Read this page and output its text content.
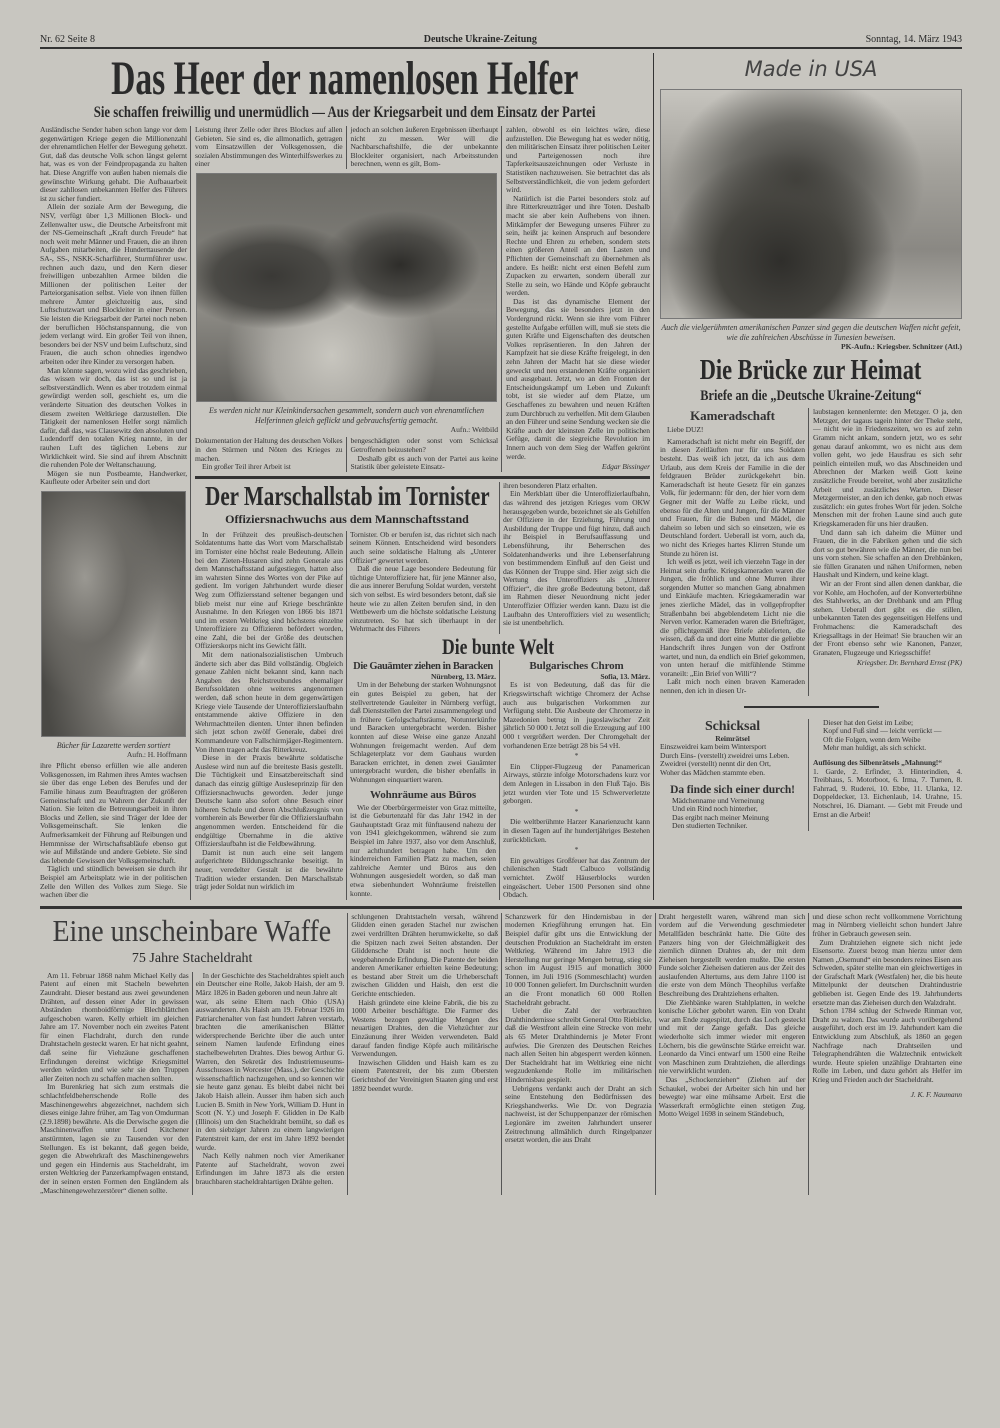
Nr. 62 Seite 8	Deutsche Ukraine-Zeitung	Sonntag, 14. März 1943
Das Heer der namenlosen Helfer
Sie schaffen freiwillig und unermüdlich — Aus der Kriegsarbeit und dem Einsatz der Partei

Ausländische Sender haben schon lange vor dem gegenwärtigen Kriege gegen die Millionenzahl der ehrenamtlichen Helfer der Bewegung gehetzt. Gut, daß das deutsche Volk schon längst gelernt hat, was es von der Feindpropaganda zu halten hat. Diese Angriffe von außen haben niemals die gewünschte Wirkung gehabt. Die Aufbauarbeit dieser zahllosen unbekannten Helfer des Führers ist zu sicher fundiert.

Allein der soziale Arm der Bewegung, die NSV, verfügt über 1,3 Millionen Block- und Zellenwalter usw., die Deutsche Arbeitsfront mit der NS-Gemeinschaft „Kraft durch Freude“ hat noch weit mehr Männer und Frauen, die an ihren Aufgaben mitarbeiten, die Hunderttausende der SA-, SS-, NSKK-Scharführer, Sturmführer usw. rechnen auch dazu, und den Kern dieser freiwilligen unbezahlten Armee bilden die Millionen der politischen Leiter der Parteiorganisation selbst. Viele von ihnen füllen mehrere Ämter gleichzeitig aus, sind Luftschutzwart und Blockleiter in einer Person. Sie leisten die Kriegsarbeit der Partei noch neben der beruflichen Höchstanspannung, die von jedem verlangt wird. Ein großer Teil von ihnen, besonders bei der NSV und beim Luftschutz, sind Frauen, die auch schon ohnedies irgendwo arbeiten oder ihre Kinder zu versorgen haben.

Man könnte sagen, wozu wird das geschrieben, das wissen wir doch, das ist so und ist ja selbstverständlich. Wenn es aber trotzdem einmal gewürdigt werden soll, geschieht es, um die veränderte Situation des deutschen Volkes in diesem zweiten Weltkriege darzustellen. Die Tätigkeit der namenlosen Helfer sorgt nämlich dafür, daß das, was Clausewitz den absoluten und Ludendorff den totalen Krieg nannte, in der rauhen Luft des täglichen Lebens zur Wirklichkeit wird. Sie sind auf ihrem Abschnitt die ruhenden Pole der Weltanschauung.

Mögen sie nun Postbeamte, Handwerker, Kaufleute oder Arbeiter sein und dort

Bücher für Lazarette werden sortiert
Aufn.: H. Hoffmann

ihre Pflicht ebenso erfüllen wie alle anderen Volksgenossen, im Rahmen ihres Amtes wachsen sie über das enge Leben des Berufes und der Familie hinaus zum Beauftragten der größeren Gemeinschaft und zu Wahrern der Zukunft der Nation. Sie leiten die Betreuungsarbeit in ihren Blocks und Zellen, sie sind Träger der Idee der Volksgemeinschaft. Sie lenken die Aufmerksamkeit der Führung auf Reibungen und Hemmnisse der Wirtschaftsabläufe ebenso gut wie auf Mißstände und andere Gebiete. Sie sind das lebende Gewissen der Volksgemeinschaft.

Täglich und stündlich beweisen sie durch ihr Beispiel am Arbeitsplatz wie in der politischen Zelle den Willen des Volkes zum Siege. Sie wachen über die

Leistung ihrer Zelle oder ihres Blockes auf allen Gebieten. Sie sind es, die allmonatlich, getragen vom Einsatzwillen der Volksgenossen, die sozialen Abstimmungen des Winterhilfswerkes zu einer

jedoch an solchen äußeren Ergebnissen überhaupt nicht zu messen. Wer will die Nachbarschaftshilfe, die der unbekannte Blockleiter organisiert, nach Arbeitsstunden berechnen, wenn es gilt, Bom-

Es werden nicht nur Kleinkindersachen gesammelt, sondern auch von ehrenamtlichen Helferinnen gleich geflickt und gebrauchsfertig gemacht.
Aufn.: Weltbild

Dokumentation der Haltung des deutschen Volkes in den Stürmen und Nöten des Krieges zu machen.

Ein großer Teil ihrer Arbeit ist

bengeschädigten oder sonst vom Schicksal Getroffenen beizustehen?

Deshalb gibt es auch von der Partei aus keine Statistik über geleistete Einsatz-

zahlen, obwohl es ein leichtes wäre, diese aufzustellen. Die Bewegung hat es weder nötig, den militärischen Einsatz ihrer politischen Leiter und Parteigenossen noch ihre Tapferkeitsauszeichnungen oder Verluste in Statistiken nachzuweisen. Sie betrachtet das als Selbstverständlichkeit, die von jedem gefordert wird.

Natürlich ist die Partei besonders stolz auf ihre Ritterkreuzträger und ihre Toten. Deshalb macht sie aber kein Aufhebens von ihnen. Mitkämpfer der Bewegung unseres Führer zu sein, heißt ja: keinen Anspruch auf besondere Rechte und Ehren zu erheben, sondern stets einen größeren Anteil an den Lasten und Pflichten der Gemeinschaft zu übernehmen als andere. Es heißt: nicht erst einen Befehl zum Zupacken zu erwarten, sondern überall zur Stelle zu sein, wo Hände und Köpfe gebraucht werden.

Das ist das dynamische Element der Bewegung, das sie besonders jetzt in den Vordergrund rückt. Wenn sie ihre vom Führer gestellte Aufgabe erfüllen will, muß sie stets die guten Kräfte und Eigenschaften des deutschen Volkes repräsentieren. In den Jahren der Kampfzeit hat sie diese Kräfte freigelegt, in den zehn Jahren der Macht hat sie diese wieder geweckt und neu erstandenen Kräfte organisiert und ausgebaut. Jetzt, wo an den Fronten der Entscheidungskampf um Leben und Zukunft tobt, ist sie wieder auf dem Platze, um Geschaffenes zu bewahren und neuen Kräften zum Durchbruch zu verhelfen. Mit dem Glauben an den Führer und seine Sendung wecken sie die Kräfte auch der kleinsten Zelle im politischen Gefüge, damit die siegreiche Revolution im Innern auch von dem Sieg der Waffen gekrönt werde.

Edgar Bissinger
Der Marschallstab im Tornister
Offiziersnachwuchs aus dem Mannschaftsstand

In der Frühzeit des preußisch-deutschen Soldatentums hatte das Wort vom Marschallstab im Tornister eine höchst reale Bedeutung. Allein bei den Zieten-Husaren sind zehn Generale aus dem Mannschaftsstand aufgestiegen, hatten also im wahrsten Sinne des Wortes von der Pike auf gedient. Im vorigen Jahrhundert wurde dieser Weg zum Offiziersstand seltener begangen und blieb meist nur eine auf Kriege beschränkte Ausnahme. In den Kriegen von 1866 bis 1871 und im ersten Weltkrieg sind höchstens einzelne Unteroffiziere zu Offizieren befördert worden, eine Zahl, die bei der Größe des deutschen Offizierskorps nicht ins Gewicht fällt.

Mit dem nationalsozialistischen Umbruch änderte sich aber das Bild vollständig. Obgleich genaue Zahlen nicht bekannt sind, kann nach Angaben des Reichstreubundes ehemaliger Berufssoldaten ohne weiteres angenommen werden, daß schon heute in dem gegenwärtigen Kriege viele Tausende der Unteroffizierslaufbahn entstammende aktive Offiziere in den Wehrmachtteilen dienten. Unter ihnen befinden sich jetzt schon zwölf Generale, dabei drei Kommandeure von Fallschirmjäger-Regimentern. Von ihnen tragen acht das Ritterkreuz.

Diese in der Praxis bewährte soldatische Auslese wird nun auf die breiteste Basis gestellt. Die Tüchtigkeit und Einsatzbereitschaft sind danach das einzig gültige Ausleseprinzip für den Offiziersnachwuchs geworden. Jeder junge Deutsche kann also sofort ohne Besuch einer höheren Schule und deren Abschlußzeugnis von vornherein als Bewerber für die Offizierslaufbahn angenommen werden. Entscheidend für die endgültige Übernahme in die aktive Offizierslaufbahn ist die Feldbewährung.

Damit ist nun auch eine seit langem aufgerichtete Bildungsschranke beseitigt. In neuer, veredelter Gestalt ist die bewährte Tradition wieder erstanden. Den Marschallstab trägt jeder Soldat nun wirklich im

Tornister. Ob er berufen ist, das richtet sich nach seinem Können. Entscheidend wird besonders auch seine soldatische Haltung als „Unterer Offizier“ gewertet werden.

Daß die neue Lage besondere Bedeutung für tüchtige Unteroffiziere hat, für jene Männer also, die aus innerer Berufung Soldat wurden, versteht sich von selbst. Es wird besonders betont, daß sie heute wie zu allen Zeiten berufen sind, in den Wettbewerb um die höchste soldatische Leistung einzutreten. So hat sich überhaupt in der Wehrmacht des Führers

ihren besonderen Platz erhalten.

Ein Merkblatt über die Unteroffizierlaufbahn, das während des jetzigen Krieges vom OKW herausgegeben wurde, bezeichnet sie als Gehilfen der Offiziere in der Erziehung, Führung und Ausbildung der Truppe und fügt hinzu, daß auch ihr Beispiel in Berufsauffassung und Lebensführung, ihr Beherrschen des Soldatenhandwerks und ihre Lebenserfahrung von bestimmendem Einfluß auf den Geist und das Können der Truppe sind. Hier zeigt sich die Wertung des Unteroffiziers als „Unterer Offizier“, die ihre große Bedeutung betont, daß im Rahmen dieser Neuordnung nicht jeder Unteroffizier Offizier werden kann. Dazu ist die Laufbahn des Unteroffiziers viel zu wesentlich; sie ist unentbehrlich.

Die bunte Welt
Die Gauämter ziehen in Baracken
Nürnberg, 13. März.

Um in der Behebung der starken Wohnungsnot ein gutes Beispiel zu geben, hat der stellvertretende Gauleiter in Nürnberg verfügt, daß Dienststellen der Partei zusammengelegt und in frühere Gefolgschaftsräume, Notunterkünfte und Baracken untergebracht werden. Bisher konnten auf diese Weise eine ganze Anzahl Wohnungen freigemacht werden. Auf dem Schlageterplatz vor dem Gauhaus wurden Baracken errichtet, in denen zwei Gauämter untergebracht wurden, die bisher ebenfalls in Wohnungen einquartiert waren.

Wohnräume aus Büros

Wie der Oberbürgermeister von Graz mitteilte, ist die Geburtenzahl für das Jahr 1942 in der Gauhauptstadt Graz mit fünftausend nahezu der von 1941 gleichgekommen, während sie zum Beispiel im Jahre 1937, also vor dem Anschluß, nur achthundert betragen habe. Um den kinderreichen Familien Platz zu machen, seien zahlreiche Aemter und Büros aus den Wohnungen ausgesiedelt worden, so daß man etwa siebenhundert Wohnräume freistellen konnte.

Bulgarisches Chrom
Sofia, 13. März.

Es ist von Bedeutung, daß das für die Kriegswirtschaft wichtige Chromerz der Achse auch aus bulgarischen Vorkommen zur Verfügung steht. Die Ausbeute der Chromerze in Mazedonien betrug in jugoslawischer Zeit jährlich 50 000 t. Jetzt soll die Erzeugung auf 100 000 t vergrößert werden. Der Chromgehalt der vorhandenen Erze beträgt 28 bis 54 vH.

*

Ein Clipper-Flugzeug der Panamerican Airways, stürzte infolge Motorschadens kurz vor dem Anlegen in Lissabon in den Fluß Tajo. Bis jetzt wurden vier Tote und 15 Schwerverletzte geborgen.

*

Die weltberühmte Harzer Kanarienzucht kann in diesen Tagen auf ihr hundertjähriges Bestehen zurückblicken.

*

Ein gewaltiges Großfeuer hat das Zentrum der chilenischen Stadt Calbuco vollständig vernichtet. Zwölf Häuserblocks wurden eingeäschert. Ueber 1500 Personen sind ohne Obdach.

Made in USA
Auch die vielgerühmten amerikanischen Panzer sind gegen die deutschen Waffen nicht gefeit, wie die zahlreichen Abschüsse in Tunesien beweisen.
PK-Aufn.: Kriegsber. Schnitzer (Atl.)
Die Brücke zur Heimat
Briefe an die „Deutsche Ukraine-Zeitung“
Kameradschaft

Liebe DUZ!

Kameradschaft ist nicht mehr ein Begriff, der in diesen Zeitläuften nur für uns Soldaten besteht. Das weiß ich jetzt, da ich aus dem Urlaub, aus dem Kreis der Familie in die der feldgrauen Brüder zurückgekehrt bin. Kameradschaft ist heute Gesetz für ein ganzes Volk, für jedermann: für den, der hier vorn dem Gegner mit der Waffe zu Leibe rückt, und ebenso für die Alten und Jungen, für die Männer und Frauen, für die Buben und Mädel, die daheim so leben und sich so einsetzen, wie es Deutschland fordert. Ueberall ist vorn, auch da, wo nicht des Krieges hartes Klirren Stunde um Stunde zu hören ist.

Ich weiß es jetzt, weil ich vierzehn Tage in der Heimat sein durfte. Kriegskameraden waren die Jungen, die fröhlich und ohne Murren ihrer sorgenden Mutter so manchen Gang abnahmen und Einkäufe machten. Kriegskameradin war jenes zierliche Mädel, das in vollgepfropfter Straßenbahn bei abgeblendetem Licht nie die Nerven verlor. Kameraden waren die Briefträger, die pflichtgemäß ihre Briefe ablieferten, die wissen, daß da und dort eine Mutter die geliebte Handschrift ihres Jungen von der Ostfront wartet, und nun, da endlich ein Brief gekommen, von unten herauf die mitfühlende Stimme voraneilt: „Ein Brief von Willi“?

Laßt mich noch einen braven Kameraden nennen, den ich in diesen Ur-

laubstagen kennenlernte: den Metzger. O ja, den Metzger, der tagaus tagein hinter der Theke steht, — nicht wie in Friedenszeiten, wo es auf zehn Gramm nicht ankam, sondern jetzt, wo es sehr genau darauf ankommt, wo es nicht aus dem vollen geht, wo jede Hausfrau es sich sehr peinlich einteilen muß, wo das Abschneiden und Abrechnen der Marken weiß Gott keine zusätzliche Freude bereitet, wohl aber zusätzliche Arbeit und zusätzliches Warten. Dieser Metzgermeister, an den ich denke, gab noch etwas zusätzlich: ein gutes frohes Wort für jeden. Solche Menschen mit der frohen Laune sind auch gute Kriegskameraden für uns hier draußen.

Und dann sah ich daheim die Mütter und Frauen, die in die Fabriken gehen und die sich dort so gut bewähren wie die Männer, die nun bei uns vorn stehen. Sie schaffen an den Drehbänken, sie füllen Granaten und nähen Uniformen, neben Haushalt und Kindern, und keine klagt.

Wir an der Front sind allen denen dankbar, die vor Kohle, am Hochofen, auf der Konverterbühne des Stahlwerks, an der Drehbank und am Pflug stehen. Ueberall dort gibt es die stillen, unbekannten Taten des gegenseitigen Helfens und Frohmachens: die Kameradschaft des Kriegsalltags in der Heimat! Sie brauchen wir an der Front ebenso sehr wie Kanonen, Panzer, Granaten, Flugzeuge und Kriegsschiffe!

Kriegsber. Dr. Bernhard Ernst (PK)
Schicksal
Reimrätsel

Einszweidrei kam beim Wintersport

Durch Eins- (verstellt) zweidrei ums Leben.

Zweidrei (verstellt) nennt dir den Ort,

Woher das Mädchen stammte eben.

Da finde sich einer durch!

Mädchenname und Verneinung

Und ein Rind noch hinterher,

Das ergibt nach meiner Meinung

Den studierten Techniker.

Dieser hat den Geist im Leibe;

Kopf und Fuß sind — leicht verrückt —

Oft die Folgen, wenn dem Weibe

Mehr man huldigt, als sich schickt.

Auflösung des Silbenrätsels „Mahnung!“

1. Garde, 2. Erfinder, 3. Hinterindien, 4. Treibhaus, 5. Motorboot, 6. Irma, 7. Turnen, 8. Fahrrad, 9. Ruderei, 10. Ebbe, 11. Ulanka, 12. Doppeldecker, 13. Eichenlaub, 14. Urahne, 15. Notschrei, 16. Diamant. — Gebt mit Freude und Ernst an die Arbeit!

Eine unscheinbare Waffe
75 Jahre Stacheldraht

Am 11. Februar 1868 nahm Michael Kelly das Patent auf einen mit Stacheln bewehrten Zaundraht. Dieser bestand aus zwei gewundenen Drähten, auf dessen einer Ader in gewissen Abständen rhomboidförmige Blechblättchen aufgeschoben waren. Kelly erhielt im gleichen Jahre am 17. November noch ein zweites Patent für einen Flachdraht, durch den runde Drahtstacheln gesteckt waren. Er hat nicht geahnt, daß seine für Viehzäune geschaffenen Erfindungen dereinst wichtige Kriegsmittel werden würden und wie sehr sie den Truppen aller Zeiten noch zu schaffen machen sollten.

Im Burenkrieg hat sich zum erstmals die schlachtfeldbeherrschende Rolle des Maschinengewehrs abgezeichnet, nachdem sich dieses einige Jahre früher, am Tag von Omdurman (2.9.1898) bewährte. Als die Derwische gegen die Maschinenwaffen unter Lord Kitchener anstürmten, lagen sie zu Tausenden vor den Stellungen. Es ist bekannt, daß gegen beide, gegen die Abwehrkraft des Maschinengewehrs und gegen ein Hindernis aus Stacheldraht, im ersten Weltkrieg der Panzerkampfwagen entstand, der in seinen ersten Formen den Engländern als „Maschinengewehrzerstörer“ dienen sollte.

In der Geschichte des Stacheldrahtes spielt auch ein Deutscher eine Rolle, Jakob Haish, der am 9. März 1826 in Baden geboren und neun Jahre alt

war, als seine Eltern nach Ohio (USA) auswanderten. Als Haish am 19. Februar 1926 im Patriarchenalter von fast hundert Jahren verstarb, brachten die amerikanischen Blätter widersprechende Berichte über die auch unter seinem Namen laufende Erfindung eines stachelbewehrten Drahtes. Dies bewog Arthur G. Warren, den Sekretär des Industriemuseums-Ausschusses in Worcester (Mass.), der Geschichte wissenschaftlich nachzugehen, und so kennen wir sie heute ganz genau. Es bleibt dabei nicht bei Jakob Haish allein. Ausser ihm haben sich auch Lucien B. Smith in New York, William D. Hunt in Scott (N. Y.) und Joseph F. Glidden in De Kalb (Illinois) um den Stacheldraht bemüht, so daß es in den siebziger Jahren zu einem langwierigen Patentstreit kam, der erst im Jahre 1892 beendet wurde.

Nach Kelly nahmen noch vier Amerikaner Patente auf Stacheldraht, wovon zwei Erfindungen im Jahre 1873 als die ersten brauchbaren stacheldrahtartigen Drähte gelten.

schlungenen Drahtstacheln versah, während Glidden einen geraden Stachel nur zwischen zwei verdrillten Drähten herumwickelte, so daß die Spitzen nach zwei Seiten abstanden. Der Gliddensche Draht ist noch heute die wegebahnende Erfindung. Die Patente der beiden anderen Amerikaner erhielten keine Bedeutung; es bestand aber Streit um die Urheberschaft zwischen Glidden und Haish, den erst die Gerichte entschieden.

Haish gründete eine kleine Fabrik, die bis zu 1000 Arbeiter beschäftigte. Die Farmer des Westens bezogen gewaltige Mengen des neuartigen Drahtes, den die Viehzüchter zur Einzäunung ihrer Weiden verwendeten. Bald darauf fanden findige Köpfe auch militärische Verwendungen.

Inzwischen Glidden und Haish kam es zu einem Patentstreit, der bis zum Obersten Gerichtshof der Vereinigten Staaten ging und erst 1892 beendet wurde.

Schanzwerk für den Hindernisbau in der modernen Kriegführung errungen hat. Ein Beispiel dafür gibt uns die Entwicklung der deutschen Produktion an Stacheldraht im ersten Weltkrieg. Während im Jahre 1913 die Herstellung nur geringe Mengen betrug, stieg sie schon im August 1915 auf monatlich 3000 Tonnen, im Juli 1916 (Sommeschlacht) wurden 10 000 Tonnen geliefert. Im Durchschnitt wurden an die Front monatlich 60 000 Rollen Stacheldraht gebracht.

Ueber die Zahl der verbrauchten Drahthindernisse schreibt General Otto Riebicke, daß die Westfront allein eine Strecke von mehr als 65 Meter Drahthindernis je Meter Front aufwies. Die Grenzen des Deutschen Reiches nach allen Seiten hin abgesperrt werden können. Der Stacheldraht hat im Weltkrieg eine nicht wegzudenkende Rolle im militärischen Hindernisbau gespielt.

Uebrigens verdankt auch der Draht an sich seine Entstehung den Bedürfnissen des Kriegshandwerks. Wie Dr. von Degrazia nachweist, ist der Schuppenpanzer der römischen Legionäre im zweiten Jahrhundert unserer Zeitrechnung allmählich durch Ringelpanzer ersetzt worden, die aus Draht

Draht hergestellt waren, während man sich vordem auf die Verwendung geschmiedeter Metallfäden beschränkt hatte. Die Güte des Panzers hing von der Gleichmäßigkeit des ziemlich dünnen Drahtes ab, der mit dem Zieheisen hergestellt werden mußte. Die ersten Funde solcher Zieheisen datieren aus der Zeit des auslaufenden Altertums, aus dem Jahre 1100 ist die erste von dem Mönch Theophilus verfaßte Beschreibung des Drahtziehens erhalten.

Die Ziehbänke waren Stahlplatten, in welche konische Löcher gebohrt waren. Ein von Draht war am Ende zugespitzt, durch das Loch gesteckt und mit der Zange gefaßt. Das gleiche wiederholte sich immer wieder mit engeren Löchern, bis die gewünschte Stärke erreicht war. Leonardo da Vinci entwarf um 1500 eine Reihe von Maschinen zum Drahtziehen, die allerdings nie verwirklicht wurden.

Das „Schockenziehen“ (Ziehen auf der Schaukel, wobei der Arbeiter sich hin und her bewegte) war eine mühsame Arbeit. Erst die Wasserkraft ermöglichte einen stetigen Zug. Motto Weigel 1698 in seinem Ständebuch,

und diese schon recht vollkommene Vorrichtung mag in Nürnberg vielleicht schon hundert Jahre früher in Gebrauch gewesen sein.

Zum Drahtziehen eignete sich nicht jede Eisensorte. Zuerst bezog man hierzu unter dem Namen „Osemund“ ein besonders reines Eisen aus Schweden, später stellte man ein gleichwertiges in der Grafschaft Mark (Westfalen) her, die bis heute Mittelpunkt der deutschen Drahtindustrie geblieben ist. Gegen Ende des 19. Jahrhunderts ersetzte man das Zieheisen durch den Walzdraht.

Schon 1784 schlug der Schwede Rinman vor, Draht zu walzen. Das wurde auch vorübergehend ausgeführt, doch erst im 19. Jahrhundert kam die Entwicklung zum Abschluß, als 1860 an gegen Nachfrage nach Drahtseilen und Telegraphendrähten die Walztechnik entwickelt wurde. Heute spielen unzählige Drahtarten eine Rolle im Leben, und dazu gehört als Helfer im Krieg und Frieden auch der Stacheldraht.

J. K. F. Naumann
